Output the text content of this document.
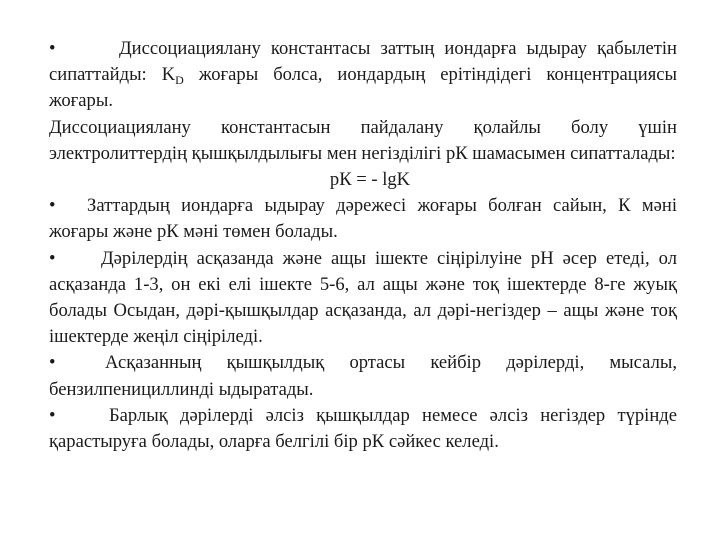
•	Диссоциациялану константасы заттың иондарға ыдырау қабылетін сипаттайды: $K_D$ жоғары болса, иондардың ерітіндідегі концентрациясы жоғары.

Диссоциациялану константасын пайдалану қолайлы болу үшін электролиттердің қышқылдылығы мен негізділігі рК шамасымен сипатталады:

рК = - lgK

• Заттардың иондарға ыдырау дәрежесі жоғары болған сайын, К мәні жоғары және рК мәні төмен болады.

• Дәрілердің асқазанда және ащы ішекте сіңірілуіне рН әсер етеді, ол асқазанда 1-3, он екі елі ішекте 5-6, ал ащы және тоқ ішектерде 8-ге жуық болады Осыдан, дәрі-қышқылдар асқазанда, ал дәрі-негіздер – ащы және тоқ ішектерде жеңіл сіңіріледі.

•	Асқазанның қышқылдық ортасы кейбір дәрілерді, мысалы, бензилпенициллинді ыдыратады.

•	Барлық дәрілерді әлсіз қышқылдар немесе әлсіз негіздер түрінде қарастыруға болады, оларға белгілі бір рК сәйкес келеді.
